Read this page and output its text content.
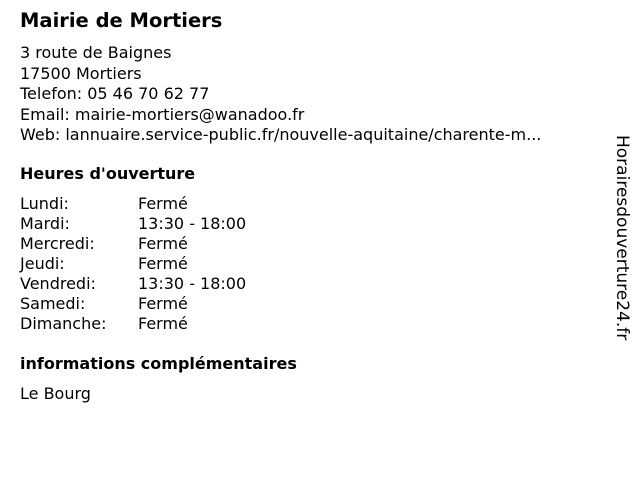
Mairie de Mortiers
3 route de Baignes
17500 Mortiers
Telefon: 05 46 70 62 77
Email: mairie-mortiers@wanadoo.fr
Web: lannuaire.service-public.fr/nouvelle-aquitaine/charente-m...
Heures d'ouverture
Lundi:	Fermé
Mardi:	13:30 - 18:00
Mercredi:	Fermé
Jeudi:	Fermé
Vendredi:	13:30 - 18:00
Samedi:	Fermé
Dimanche: Fermé
informations complémentaires
Le Bourg
Horairesdouverture24.fr
